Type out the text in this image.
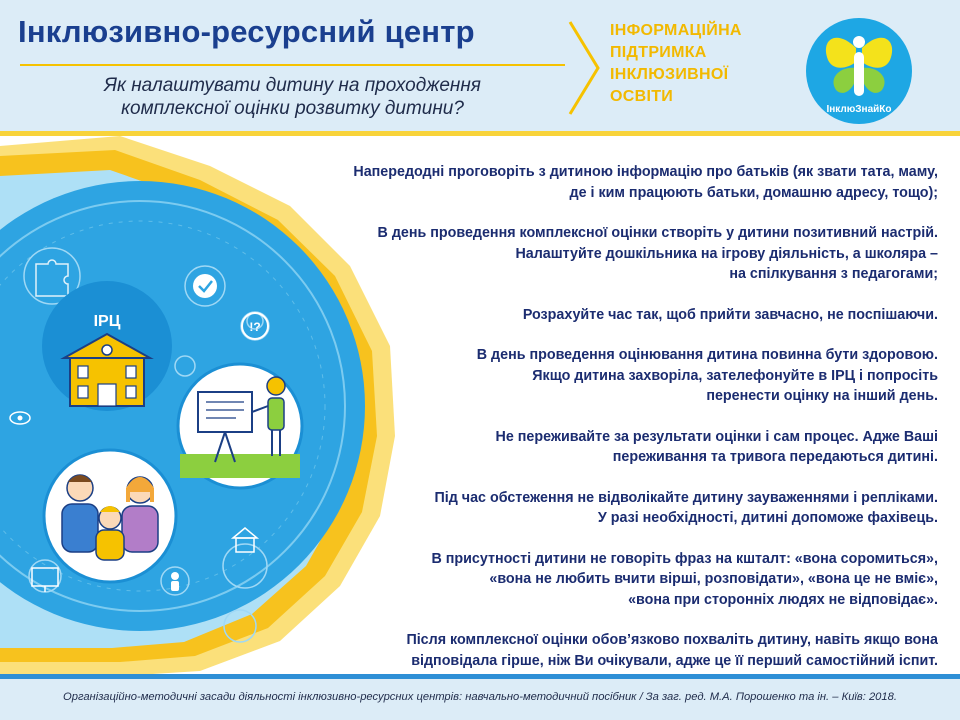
Інклюзивно-ресурсний центр
Як налаштувати дитину на проходження
комплексної оцінки розвитку дитини?
ІНФОРМАЦІЙНА
ПІДТРИМКА
ІНКЛЮЗИВНОЇ
ОСВІТИ
ІнклюЗнайКо
!?
ІРЦ
Напередодні проговоріть з дитиною інформацію про батьків (як звати тата, маму,
де і ким працюють батьки, домашню адресу, тощо);
В день проведення комплексної оцінки створіть у дитини позитивний настрій.
Налаштуйте дошкільника на ігрову діяльність, а школяра –
на спілкування з педагогами;
Розрахуйте час так, щоб прийти завчасно, не поспішаючи.
В день проведення оцінювання дитина повинна бути здоровою.
Якщо дитина захворіла, зателефонуйте в ІРЦ і попросіть
перенести оцінку на інший день.
Не переживайте за результати оцінки і сам процес. Адже Ваші
переживання та тривога передаються дитині.
Під час обстеження не відволікайте дитину зауваженнями і репліками.
У разі необхідності, дитині допоможе фахівець.
В присутності дитини не говоріть фраз на кшталт: «вона соромиться»,
«вона не любить вчити вірші, розповідати», «вона це не вміє»,
«вона при сторонніх людях не відповідає».
Після комплексної оцінки обов’язково похваліть дитину, навіть якщо вона
відповідала гірше, ніж Ви очікували, адже це її перший самостійний іспит.
Організаційно-методичні засади діяльності інклюзивно-ресурсних центрів: навчально-методичний посібник / За заг. ред. М.А. Порошенко та ін. – Київ: 2018.
